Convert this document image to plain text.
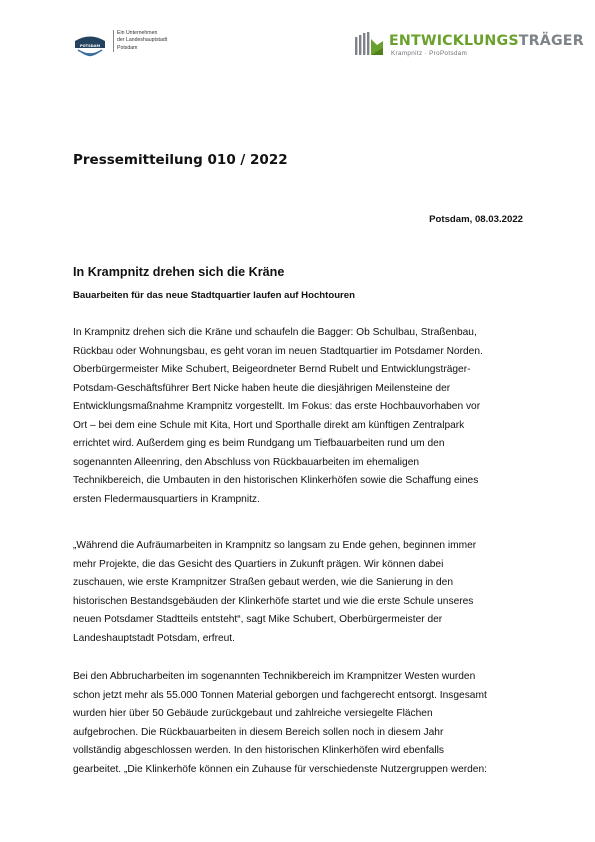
POTSDAM
Ein Unternehmen
der Landeshauptstadt
Potsdam	ENTWICKLUNGSTRÄGER
Krampnitz · ProPotsdam
Pressemitteilung 010 / 2022
Potsdam, 08.03.2022
In Krampnitz drehen sich die Kräne
Bauarbeiten für das neue Stadtquartier laufen auf Hochtouren
In Krampnitz drehen sich die Kräne und schaufeln die Bagger: Ob Schulbau, Straßenbau,
Rückbau oder Wohnungsbau, es geht voran im neuen Stadtquartier im Potsdamer Norden.
Oberbürgermeister Mike Schubert, Beigeordneter Bernd Rubelt und Entwicklungsträger-
Potsdam-Geschäftsführer Bert Nicke haben heute die diesjährigen Meilensteine der
Entwicklungsmaßnahme Krampnitz vorgestellt. Im Fokus: das erste Hochbauvorhaben vor
Ort – bei dem eine Schule mit Kita, Hort und Sporthalle direkt am künftigen Zentralpark
errichtet wird. Außerdem ging es beim Rundgang um Tiefbauarbeiten rund um den
sogenannten Alleenring, den Abschluss von Rückbauarbeiten im ehemaligen
Technikbereich, die Umbauten in den historischen Klinkerhöfen sowie die Schaffung eines
ersten Fledermausquartiers in Krampnitz.
„Während die Aufräumarbeiten in Krampnitz so langsam zu Ende gehen, beginnen immer
mehr Projekte, die das Gesicht des Quartiers in Zukunft prägen. Wir können dabei
zuschauen, wie erste Krampnitzer Straßen gebaut werden, wie die Sanierung in den
historischen Bestandsgebäuden der Klinkerhöfe startet und wie die erste Schule unseres
neuen Potsdamer Stadtteils entsteht“, sagt Mike Schubert, Oberbürgermeister der
Landeshauptstadt Potsdam, erfreut.
Bei den Abbrucharbeiten im sogenannten Technikbereich im Krampnitzer Westen wurden
schon jetzt mehr als 55.000 Tonnen Material geborgen und fachgerecht entsorgt. Insgesamt
wurden hier über 50 Gebäude zurückgebaut und zahlreiche versiegelte Flächen
aufgebrochen. Die Rückbauarbeiten in diesem Bereich sollen noch in diesem Jahr
vollständig abgeschlossen werden. In den historischen Klinkerhöfen wird ebenfalls
gearbeitet. „Die Klinkerhöfe können ein Zuhause für verschiedenste Nutzergruppen werden:
